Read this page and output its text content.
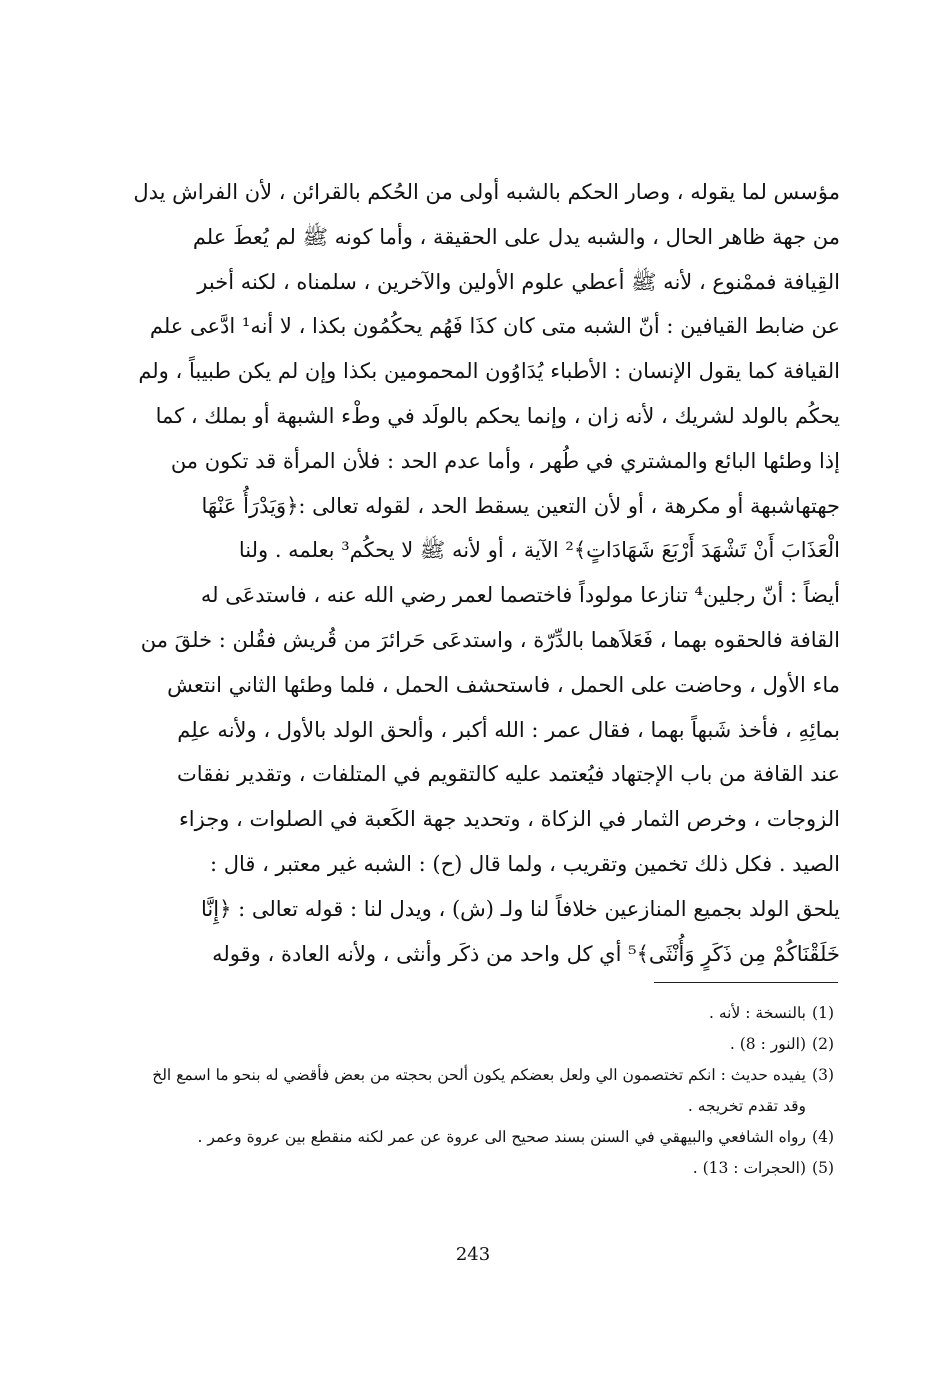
مؤسس لما يقوله ، وصار الحكم بالشبه أولى من الحُكم بالقرائن ، لأن الفراش يدل
من جهة ظاهر الحال ، والشبه يدل على الحقيقة ، وأما كونه ﷺ لم يُعطَ علم
القِيافة فممْنوع ، لأنه ﷺ أعطي علوم الأولين والآخرين ، سلمناه ، لكنه أخبر
عن ضابط القيافين : أنّ الشبه متى كان كذَا فَهُم يحكُمُون بكذا ، لا أنه¹ ادَّعى علم
القيافة كما يقول الإنسان : الأطباء يُدَاوُون المحمومين بكذا وإن لم يكن طبيباً ، ولم
يحكُم بالولد لشريك ، لأنه زان ، وإنما يحكم بالولَد في وطْء الشبهة أو بملك ، كما
إذا وطئها البائع والمشتري في طُهر ، وأما عدم الحد : فلأن المرأة قد تكون من
جهتهاشبهة أو مكرهة ، أو لأن التعين يسقط الحد ، لقوله تعالى :﴿وَيَدْرَأُ عَنْهَا
الْعَذَابَ أَنْ تَشْهَدَ أَرْبَعَ شَهَادَاتٍ﴾² الآية ، أو لأنه ﷺ لا يحكُم³ بعلمه . ولنا
أيضاً : أنّ رجلين⁴ تنازعا مولوداً فاختصما لعمر رضي الله عنه ، فاستدعَى له
القافة فالحقوه بهما ، فَعَلاَهما بالدِّرّة ، واستدعَى حَرائرَ من قُريش فقُلن : خلقَ من
ماء الأول ، وحاضت على الحمل ، فاستحشف الحمل ، فلما وطئها الثاني انتعش
بمائِهِ ، فأخذ شَبهاً بهما ، فقال عمر : الله أكبر ، وألحق الولد بالأول ، ولأنه علِم
عند القافة من باب الإجتهاد فيُعتمد عليه كالتقويم في المتلفات ، وتقدير نفقات
الزوجات ، وخرص الثمار في الزكاة ، وتحديد جهة الكَعبة في الصلوات ، وجزاء
الصيد . فكل ذلك تخمين وتقريب ، ولما قال (ح) : الشبه غير معتبر ، قال :
يلحق الولد بجميع المنازعين خلافاً لنا ولـ (ش) ، ويدل لنا : قوله تعالى : ﴿إِنَّا
خَلَقْنَاكُمْ مِن ذَكَرٍ وَأُنْثَى﴾⁵ أي كل واحد من ذكَر وأنثى ، ولأنه العادة ، وقوله
(1)
بالنسخة : لأنه .
(2)
(النور : 8) .
(3)
يفيده حديث : انكم تختصمون الي ولعل بعضكم يكون ألحن بحجته من بعض فأقضي له بنحو ما اسمع الخ وقد تقدم تخريجه .
(4)
رواه الشافعي والبيهقي في السنن بسند صحيح الى عروة عن عمر لكنه منقطع بين عروة وعمر .
(5)
(الحجرات : 13) .
243
